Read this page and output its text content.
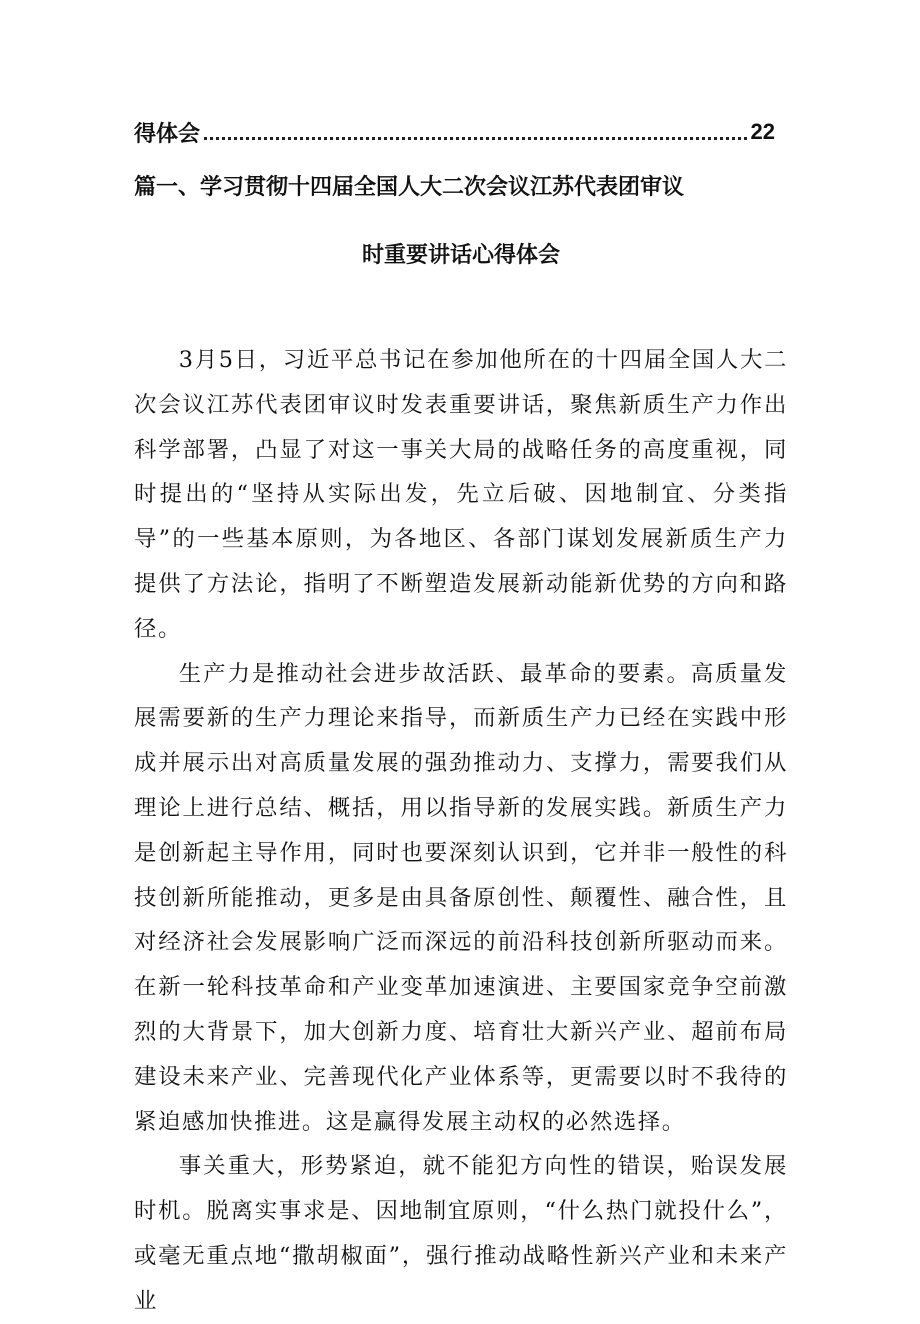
得体会	22
篇一、学习贯彻十四届全国人大二次会议江苏代表团审议
时重要讲话心得体会

3月5日，习近平总书记在参加他所在的十四届全国人大二次会议江苏代表团审议时发表重要讲话，聚焦新质生产力作出科学部署，凸显了对这一事关大局的战略任务的高度重视，同时提出的“坚持从实际出发，先立后破、因地制宜、分类指导”的一些基本原则，为各地区、各部门谋划发展新质生产力提供了方法论，指明了不断塑造发展新动能新优势的方向和路径。

生产力是推动社会进步故活跃、最革命的要素。高质量发展需要新的生产力理论来指导，而新质生产力已经在实践中形成并展示出对高质量发展的强劲推动力、支撑力，需要我们从理论上进行总结、概括，用以指导新的发展实践。新质生产力是创新起主导作用，同时也要深刻认识到，它并非一般性的科技创新所能推动，更多是由具备原创性、颠覆性、融合性，且对经济社会发展影响广泛而深远的前沿科技创新所驱动而来。在新一轮科技革命和产业变革加速演进、主要国家竞争空前激烈的大背景下，加大创新力度、培育壮大新兴产业、超前布局建设未来产业、完善现代化产业体系等，更需要以时不我待的紧迫感加快推进。这是赢得发展主动权的必然选择。

事关重大，形势紧迫，就不能犯方向性的错误，贻误发展时机。脱离实事求是、因地制宜原则，“什么热门就投什么”，或毫无重点地“撒胡椒面”，强行推动战略性新兴产业和未来产业
